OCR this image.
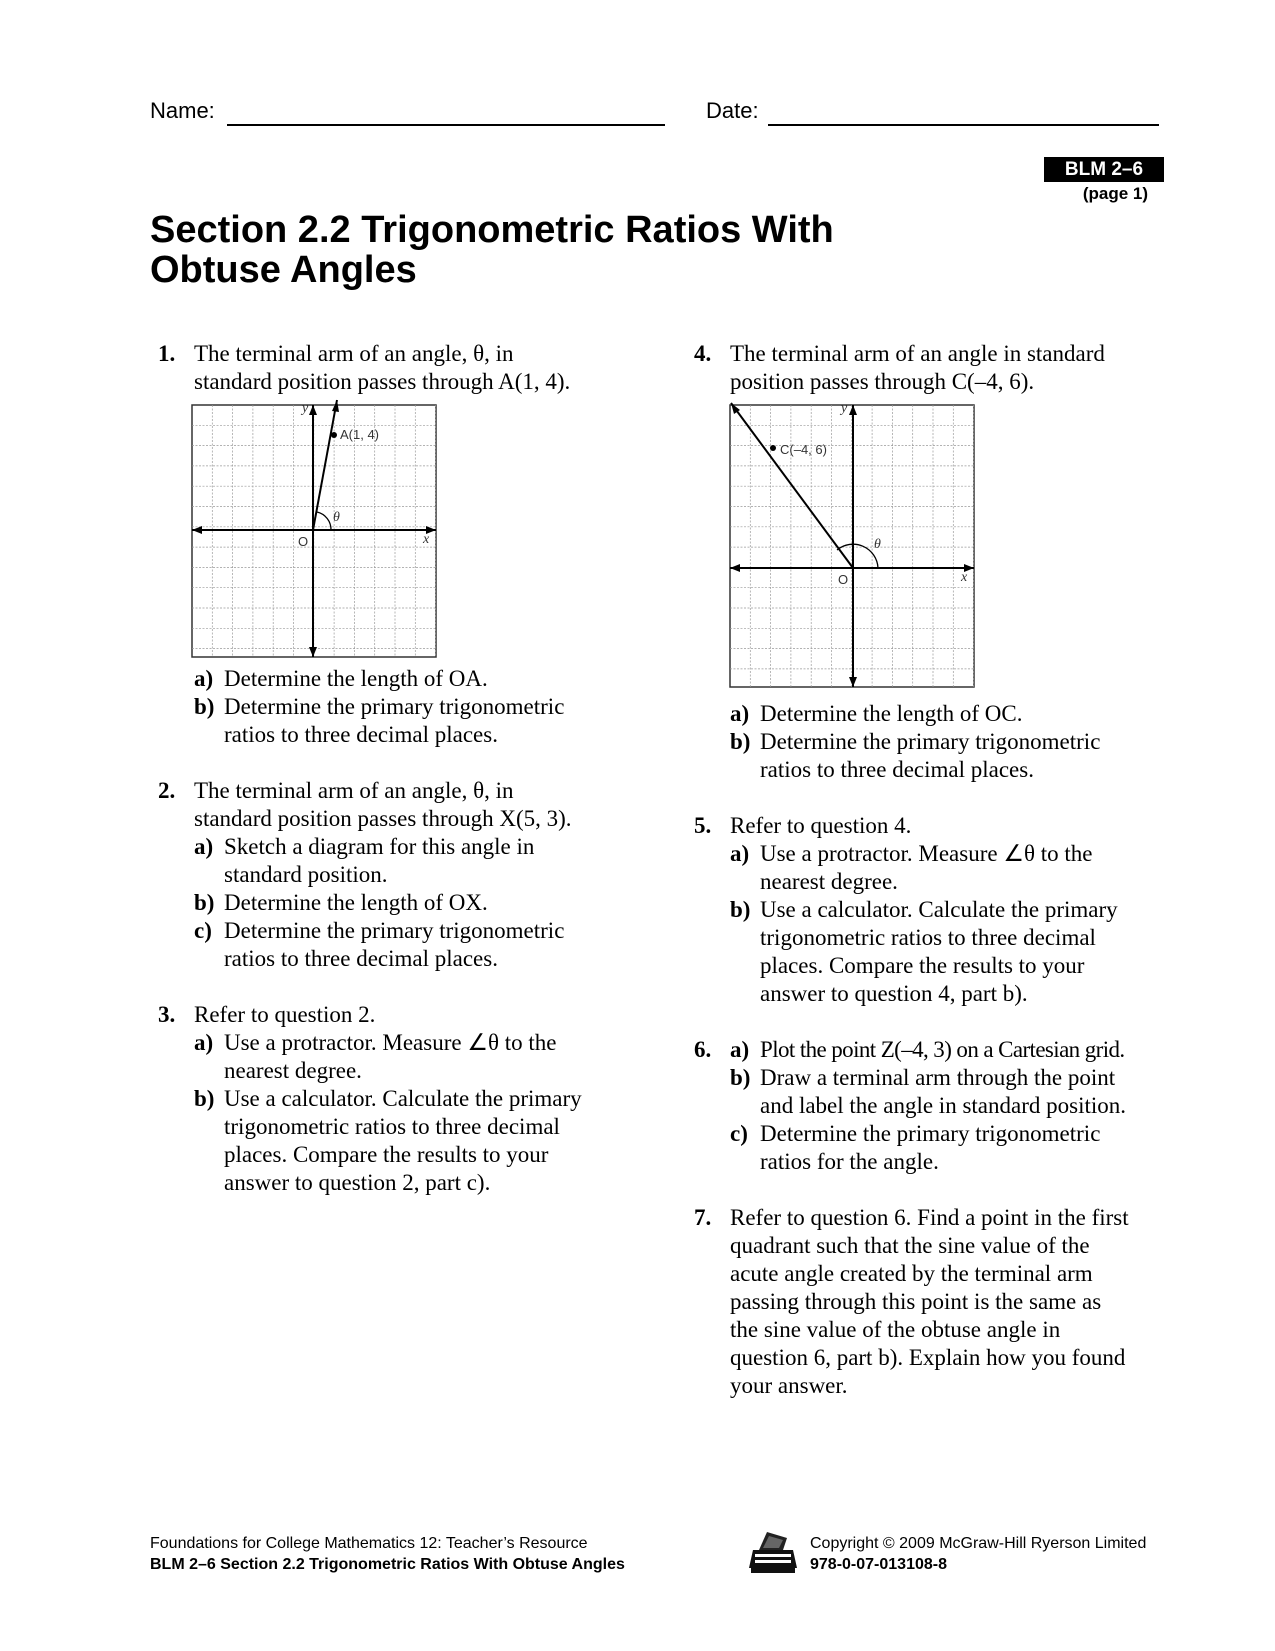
Name:	Date:
BLM 2–6
(page 1)
Section 2.2 Trigonometric Ratios With
Obtuse Angles
1. The terminal arm of an angle, θ, in
standard position passes through A(1, 4).
A(1, 4)
y
x
O
θ
a) Determine the length of OA.
b) Determine the primary trigonometric
ratios to three decimal places.
2. The terminal arm of an angle, θ, in
standard position passes through X(5, 3).
a) Sketch a diagram for this angle in
standard position.
b) Determine the length of OX.
c) Determine the primary trigonometric
ratios to three decimal places.
3. Refer to question 2.
a) Use a protractor. Measure ∠θ to the
nearest degree.
b) Use a calculator. Calculate the primary
trigonometric ratios to three decimal
places. Compare the results to your
answer to question 2, part c).
4. The terminal arm of an angle in standard
position passes through C(–4, 6).
C(–4, 6)
y
x
O
θ
a) Determine the length of OC.
b) Determine the primary trigonometric
ratios to three decimal places.
5. Refer to question 4.
a) Use a protractor. Measure ∠θ to the
nearest degree.
b) Use a calculator. Calculate the primary
trigonometric ratios to three decimal
places. Compare the results to your
answer to question 4, part b).
6. a) Plot the point Z(–4, 3) on a Cartesian grid.
b) Draw a terminal arm through the point
and label the angle in standard position.
c) Determine the primary trigonometric
ratios for the angle.
7. Refer to question 6. Find a point in the first
quadrant such that the sine value of the
acute angle created by the terminal arm
passing through this point is the same as
the sine value of the obtuse angle in
question 6, part b). Explain how you found
your answer.
Foundations for College Mathematics 12: Teacher’s Resource
BLM 2–6 Section 2.2 Trigonometric Ratios With Obtuse Angles
Copyright © 2009 McGraw-Hill Ryerson Limited
978-0-07-013108-8
